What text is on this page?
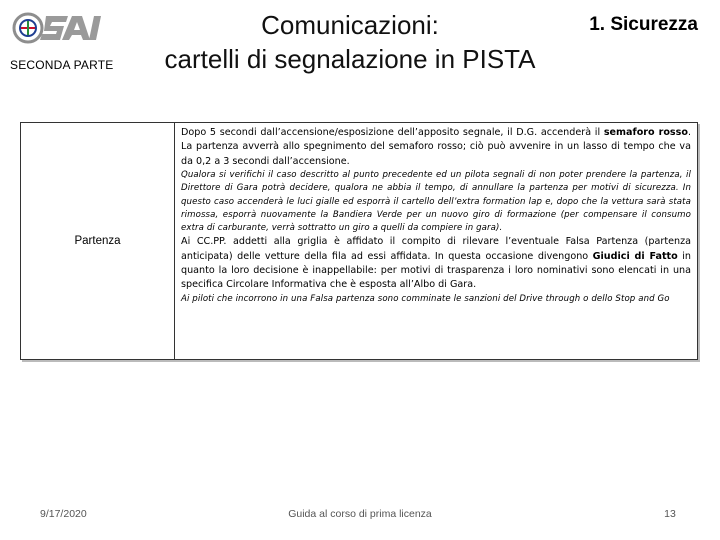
SECONDA PARTE
Comunicazioni:
cartelli di segnalazione in PISTA
1. Sicurezza
Partenza

Dopo 5 secondi dall’accensione/esposizione dell’apposito segnale, il D.G. accenderà il semaforo rosso. La partenza avverrà allo spegnimento del semaforo rosso; ciò può avvenire in un lasso di tempo che va da 0,2 a 3 secondi dall’accensione.

Qualora si verifichi il caso descritto al punto precedente ed un pilota segnali di non poter prendere la partenza, il Direttore di Gara potrà decidere, qualora ne abbia il tempo, di annullare la partenza per motivi di sicurezza. In questo caso accenderà le luci gialle ed esporrà il cartello dell’extra formation lap e, dopo che la vettura sarà stata rimossa, esporrà nuovamente la Bandiera Verde per un nuovo giro di formazione (per compensare il consumo extra di carburante, verrà sottratto un giro a quelli da compiere in gara).

Ai CC.PP. addetti alla griglia è affidato il compito di rilevare l’eventuale Falsa Partenza (partenza anticipata) delle vetture della fila ad essi affidata. In questa occasione divengono Giudici di Fatto in quanto la loro decisione è inappellabile: per motivi di trasparenza i loro nominativi sono elencati in una specifica Circolare Informativa che è esposta all’Albo di Gara.

Ai piloti che incorrono in una Falsa partenza sono comminate le sanzioni del Drive through o dello Stop and Go

9/17/2020	Guida al corso di prima licenza	13
